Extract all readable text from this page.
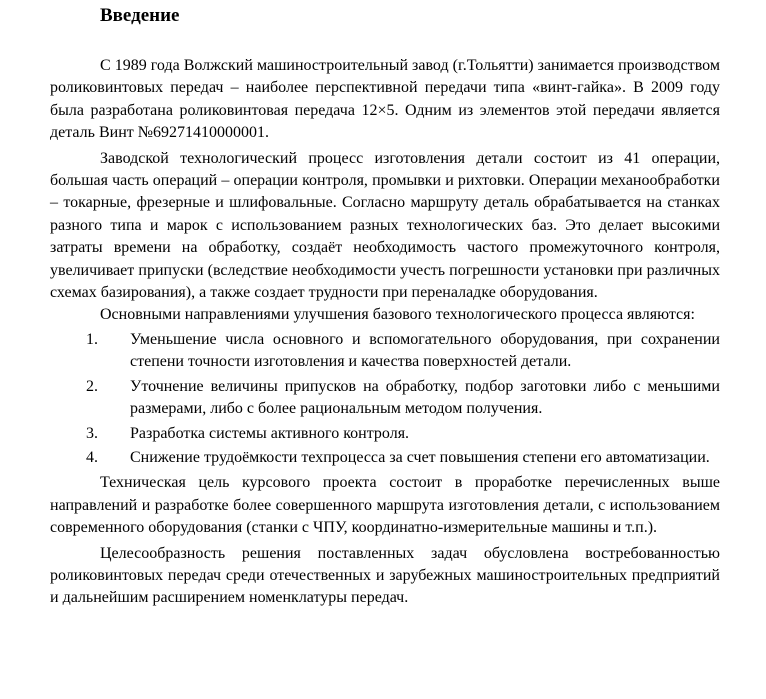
Введение

С 1989 года Волжский машиностроительный завод (г.Тольятти) занимается производством роликовинтовых передач – наиболее перспективной передачи типа «винт-гайка». В 2009 году была разработана роликовинтовая передача 12×5. Одним из элементов этой передачи является деталь Винт №69271410000001.

Заводской технологический процесс изготовления детали состоит из 41 операции, большая часть операций – операции контроля, промывки и рихтовки. Операции механообработки – токарные, фрезерные и шлифовальные. Согласно маршруту деталь обрабатывается на станках разного типа и марок с использованием разных технологических баз. Это делает высокими затраты времени на обработку, создаёт необходимость частого промежуточного контроля, увеличивает припуски (вследствие необходимости учесть погрешности установки при различных схемах базирования), а также создает трудности при переналадке оборудования.

Основными направлениями улучшения базового технологического процесса являются:

1. Уменьшение числа основного и вспомогательного оборудования, при сохранении степени точности изготовления и качества поверхностей детали.
2. Уточнение величины припусков на обработку, подбор заготовки либо с меньшими размерами, либо с более рациональным методом получения.
3. Разработка системы активного контроля.
4. Снижение трудоёмкости техпроцесса за счет повышения степени его автоматизации.

Техническая цель курсового проекта состоит в проработке перечисленных выше направлений и разработке более совершенного маршрута изготовления детали, с использованием современного оборудования (станки с ЧПУ, координатно-измерительные машины и т.п.).

Целесообразность решения поставленных задач обусловлена востребованностью роликовинтовых передач среди отечественных и зарубежных машиностроительных предприятий и дальнейшим расширением номенклатуры передач.
